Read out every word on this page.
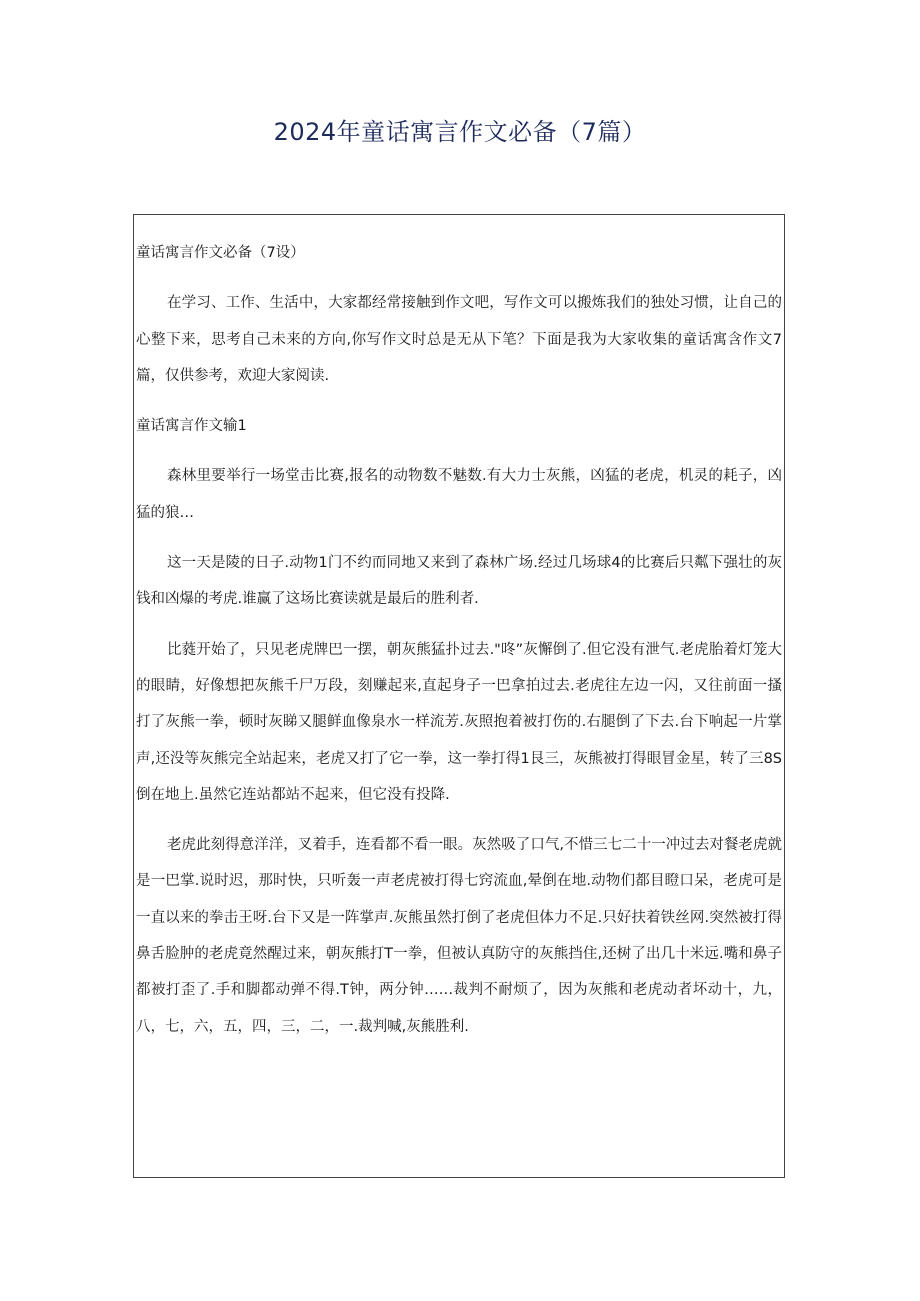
2024年童话寓言作文必备（7篇）

童话寓言作文必备（7设）

在学习、工作、生活中，大家都经常接触到作文吧，写作文可以搬炼我们的独处习惯，让自己的心整下来，思考自己未来的方向,你写作文时总是无从下笔？下面是我为大家收集的童话寓含作文7篇，仅供参考，欢迎大家阅读.

童话寓言作文输1

森林里要举行一场堂击比赛,报名的动物数不魅数.有大力士灰熊，凶猛的老虎，机灵的耗子，凶猛的狼…

这一天是陵的日子.动物1门不约而同地又来到了森林广场.经过几场球4的比赛后只粼下强壮的灰钱和凶爆的考虎.谁赢了这场比赛读就是最后的胜利者.

比蕤开始了，只见老虎牌巴一摆，朝灰熊猛扑过去."咚”灰懈倒了.但它没有泄气.老虎胎着灯笼大的眼睛，好像想把灰熊千尸万段，刻赚起来,直起身子一巴拿拍过去.老虎往左边一闪，又往前面一搔打了灰熊一拳，顿时灰睇又腿鲜血像泉水一样流芳.灰照抱着被打伤的.右腿倒了下去.台下响起一片掌声,还没等灰熊完全站起来，老虎又打了它一拳，这一拳打得1艮三，灰熊被打得眼冒金星，转了三8S倒在地上.虽然它连站都站不起来，但它没有投降.

老虎此刻得意洋洋，叉着手，连看都不看一眼。灰然吸了口气,不惜三七二十一冲过去对餐老虎就是一巴掌.说时迟，那时快，只听轰一声老虎被打得七窍流血,晕倒在地.动物们都目瞪口呆，老虎可是一直以来的拳击王呀.台下又是一阵掌声.灰熊虽然打倒了老虎但体力不足.只好扶着铁丝网.突然被打得鼻舌脸肿的老虎竟然醒过来，朝灰熊打T一拳，但被认真防守的灰熊挡住,还树了出几十米远.嘴和鼻子都被打歪了.手和脚都动弹不得.T钟，两分钟……裁判不耐烦了，因为灰熊和老虎动者坏动十，九，八，七，六，五，四，三，二，一.裁判喊,灰熊胜利.
